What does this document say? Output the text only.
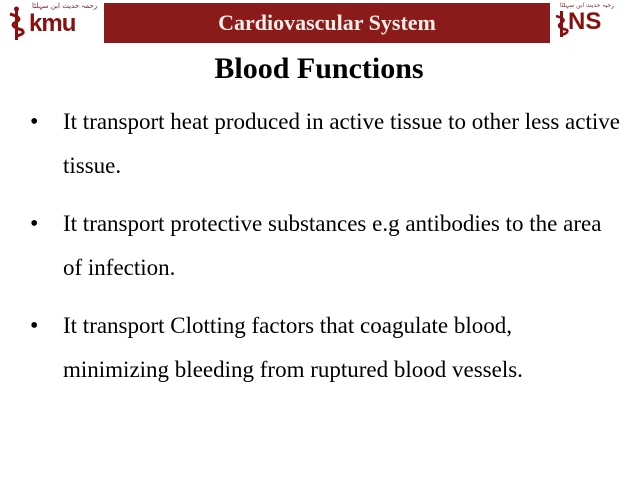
رحمہ حدیث ابن سہلٹا
kmu	Cardiovascular System
رحیہ حدیث ابن سہلٹا
NS
Blood Functions
• It transport heat produced in active tissue to other less active tissue.
• It transport protective substances e.g antibodies to the area of infection.
• It transport Clotting factors that coagulate blood, minimizing bleeding from ruptured blood vessels.
